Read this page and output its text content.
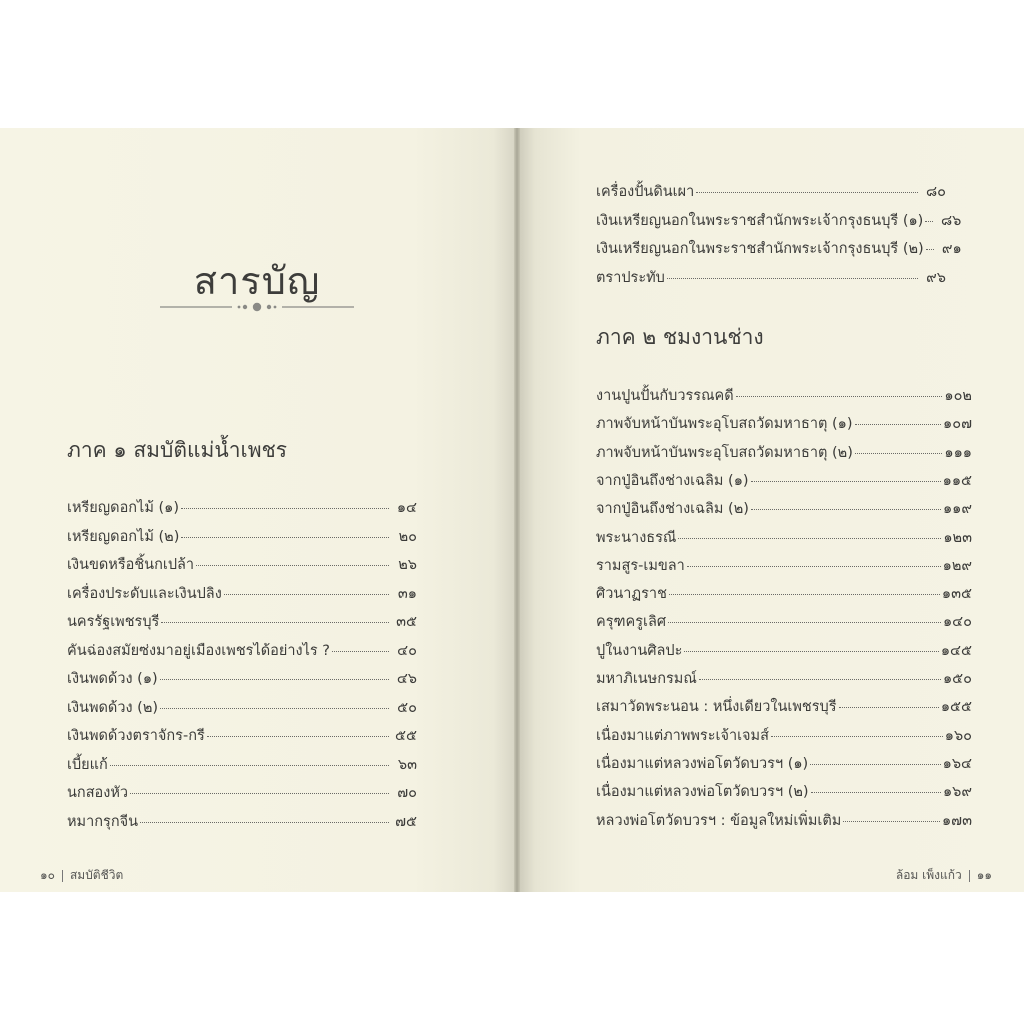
สารบัญ
ภาค ๑ สมบัติแม่น้ำเพชร
เหรียญดอกไม้ (๑)	๑๔
เหรียญดอกไม้ (๒)	๒๐
เงินขดหรือชิ้นกเปล้า	๒๖
เครื่องประดับและเงินปลิง	๓๑
นครรัฐเพชรบุรี	๓๕
คันฉ่องสมัยซ่งมาอยู่เมืองเพชรได้อย่างไร ?	๔๐
เงินพดด้วง (๑)	๔๖
เงินพดด้วง (๒)	๕๐
เงินพดด้วงตราจักร-กรี	๕๕
เบี้ยแก้	๖๓
นกสองหัว	๗๐
หมากรุกจีน	๗๕
๑๐ สมบัติชีวิต
เครื่องปั้นดินเผา	๘๐
เงินเหรียญนอกในพระราชสำนักพระเจ้ากรุงธนบุรี (๑)	๘๖
เงินเหรียญนอกในพระราชสำนักพระเจ้ากรุงธนบุรี (๒)	๙๑
ตราประทับ	๙๖
ภาค ๒ ชมงานช่าง
งานปูนปั้นกับวรรณคดี	๑๐๒
ภาพจับหน้าบันพระอุโบสถวัดมหาธาตุ (๑)	๑๐๗
ภาพจับหน้าบันพระอุโบสถวัดมหาธาตุ (๒)	๑๑๑
จากปู่อินถึงช่างเฉลิม (๑)	๑๑๕
จากปู่อินถึงช่างเฉลิม (๒)	๑๑๙
พระนางธรณี	๑๒๓
รามสูร-เมขลา	๑๒๙
ศิวนาฏราช	๑๓๕
ครุฑครูเลิศ	๑๔๐
ปูในงานศิลปะ	๑๔๕
มหาภิเนษกรมณ์	๑๕๐
เสมาวัดพระนอน : หนึ่งเดียวในเพชรบุรี	๑๕๕
เนื่องมาแต่ภาพพระเจ้าเจมส์	๑๖๐
เนื่องมาแต่หลวงพ่อโตวัดบวรฯ (๑)	๑๖๔
เนื่องมาแต่หลวงพ่อโตวัดบวรฯ (๒)	๑๖๙
หลวงพ่อโตวัดบวรฯ : ข้อมูลใหม่เพิ่มเติม	๑๗๓
ล้อม เพ็งแก้ว ๑๑
